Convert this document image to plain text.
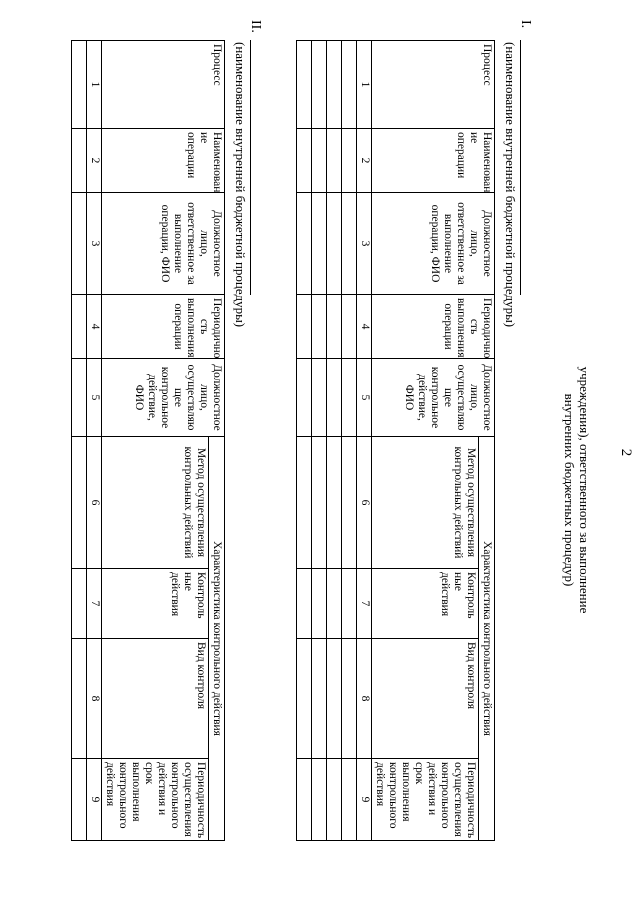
2
учреждения), ответственного за выполнение
внутренних бюджетных процедур)
I.
(наименование внутренней бюджетной процедуры)
Процесс	Наименован ие операции	Должностное лицо, ответственное за выполнение операции, ФИО	Периодично сть выполнения операции	Должностное лицо, осуществляю щее контрольное действие, ФИО	Характеристика контрольного действия			
					Метод осуществления контрольных действий	Контроль ные действия	Вид контроля	Периодичность осуществления контрольного действия и срок выполнения контрольного действия
1	2	3	4	5	6	7	8	9

II.
(наименование внутренней бюджетной процедуры)
Процесс	Наименован ие операции	Должностное лицо, ответственное за выполнение операции, ФИО	Периодично сть выполнения операции	Должностное лицо, осуществляю щее контрольное действие, ФИО	Характеристика контрольного действия			
					Метод осуществления контрольных действий	Контроль ные действия	Вид контроля	Периодичность осуществления контрольного действия и срок выполнения контрольного действия
1	2	3	4	5	6	7	8	9
